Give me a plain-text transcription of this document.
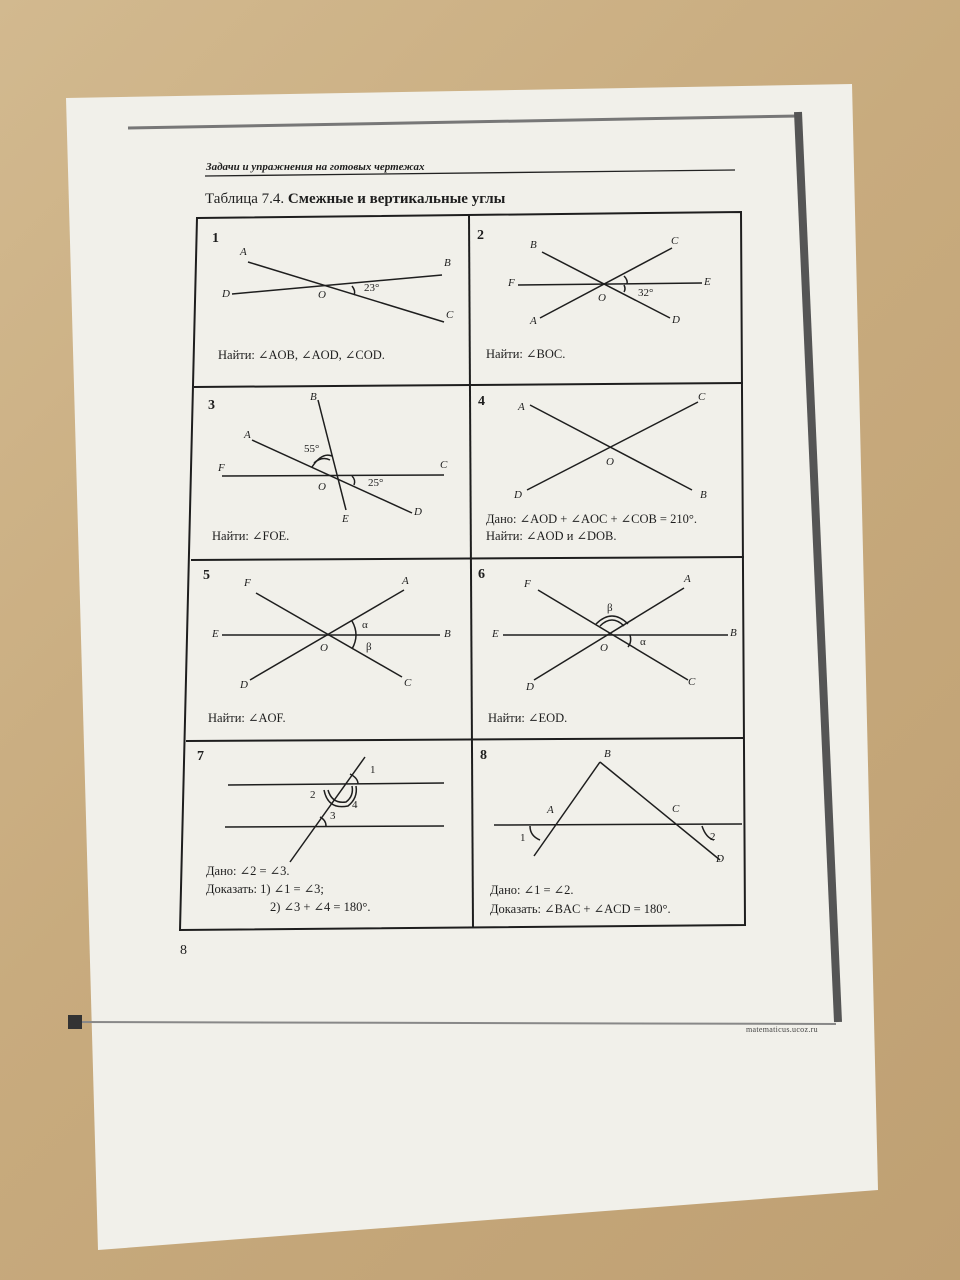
Задачи и упражнения на готовых чертежах
Таблица 7.4. Смежные и вертикальные углы
1
A
B
C
D	O
23°
Найти: ∠AOB, ∠AOD, ∠COD.
2
B	C
F	E
O	32°
A	D
Найти: ∠BOC.
3
B
A
55°
F	C
O	25°
D
E
Найти: ∠FOE.
4	A
C
O
D	B
Дано: ∠AOD + ∠AOC + ∠COB = 210°.
Найти: ∠AOD и ∠DOB.
5	F	A
α
E	B
O	β
D	C
Найти: ∠AOF.
6
F	A
β
E	B
O	α
D	C
Найти: ∠EOD.
7
1
2
4
3
Дано: ∠2 = ∠3.
Доказать: 1) ∠1 = ∠3;
2) ∠3 + ∠4 = 180°.
8	B
A	C
1	2
D
Дано: ∠1 = ∠2.
Доказать: ∠BAC + ∠ACD = 180°.
8
matematicus.ucoz.ru
